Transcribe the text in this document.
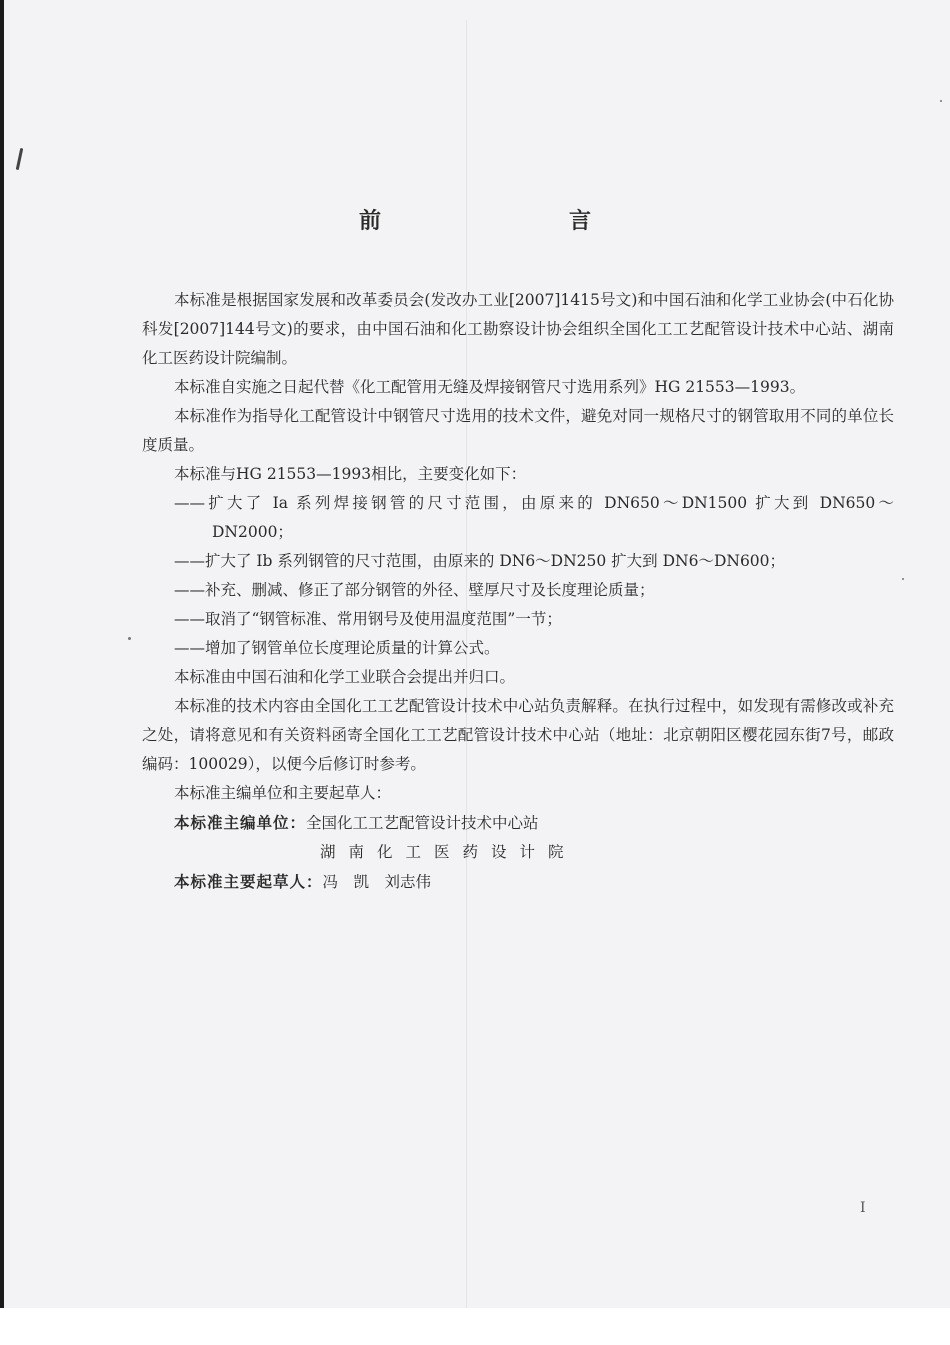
前　　言

本标准是根据国家发展和改革委员会(发改办工业[2007]1415号文)和中国石油和化学工业协会(中石化协科发[2007]144号文)的要求，由中国石油和化工勘察设计协会组织全国化工工艺配管设计技术中心站、湖南化工医药设计院编制。

本标准自实施之日起代替《化工配管用无缝及焊接钢管尺寸选用系列》HG 21553—1993。

本标准作为指导化工配管设计中钢管尺寸选用的技术文件，避免对同一规格尺寸的钢管取用不同的单位长度质量。

本标准与HG 21553—1993相比，主要变化如下：

——扩大了 Ia 系列焊接钢管的尺寸范围，由原来的 DN650～DN1500 扩大到 DN650～

DN2000；

——扩大了 Ib 系列钢管的尺寸范围，由原来的 DN6～DN250 扩大到 DN6～DN600；

——补充、删减、修正了部分钢管的外径、壁厚尺寸及长度理论质量；

——取消了“钢管标准、常用钢号及使用温度范围”一节；

——增加了钢管单位长度理论质量的计算公式。

本标准由中国石油和化学工业联合会提出并归口。

本标准的技术内容由全国化工工艺配管设计技术中心站负责解释。在执行过程中，如发现有需修改或补充之处，请将意见和有关资料函寄全国化工工艺配管设计技术中心站（地址：北京朝阳区樱花园东街7号，邮政编码：100029），以便今后修订时参考。

本标准主编单位和主要起草人：

本标准主编单位：全国化工工艺配管设计技术中心站

湖南化工医药设计院

本标准主要起草人：冯　凯　刘志伟

I
